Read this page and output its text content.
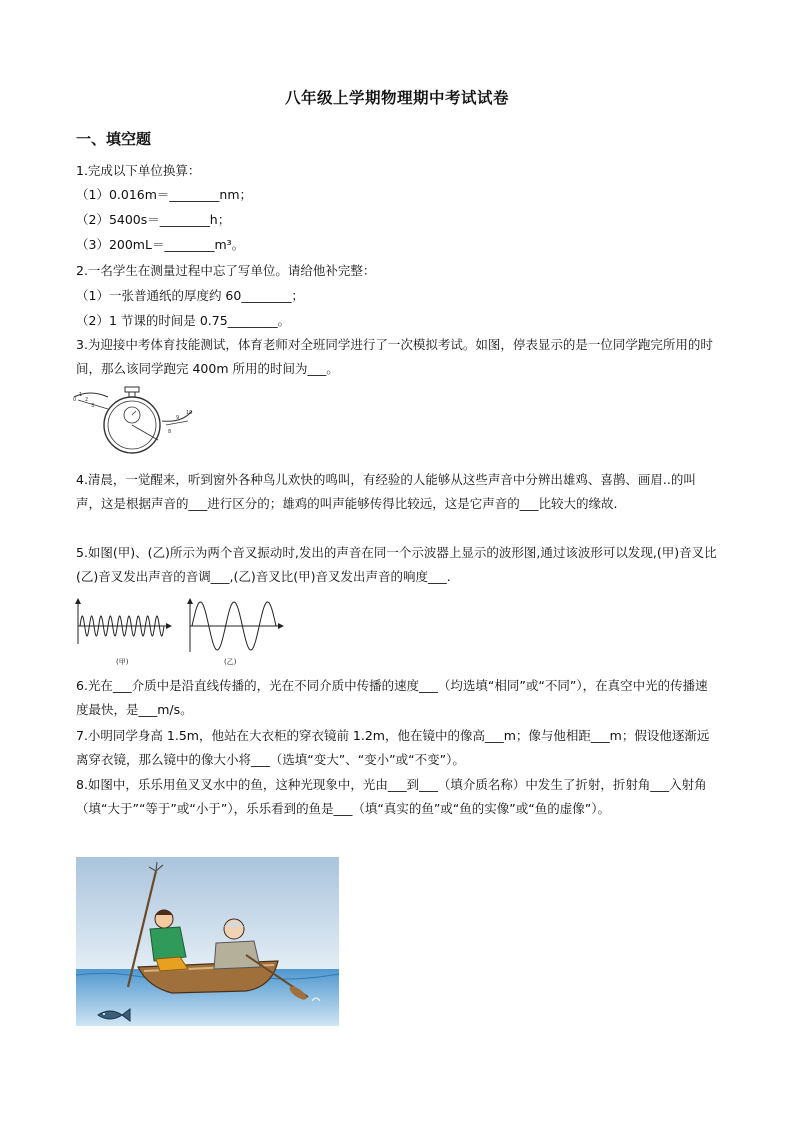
八年级上学期物理期中考试试卷
一、填空题
1.完成以下单位换算：
（1）0.016m＝________nm；
（2）5400s＝________h；
（3）200mL＝________m³。
2.一名学生在测量过程中忘了写单位。请给他补完整：
（1）一张普通纸的厚度约 60________；
（2）1 节课的时间是 0.75________。
3.为迎接中考体育技能测试，体育老师对全班同学进行了一次模拟考试。如图，停表显示的是一位同学跑完所用的时间，那么该同学跑完 400m 所用的时间为___。
0
1
2
3
9
10
8
4.清晨，一觉醒来，听到窗外各种鸟儿欢快的鸣叫，有经验的人能够从这些声音中分辨出雄鸡、喜鹊、画眉..的叫声，这是根据声音的___进行区分的；雄鸡的叫声能够传得比较远，这是它声音的___比较大的缘故.
5.如图(甲)、(乙)所示为两个音叉振动时,发出的声音在同一个示波器上显示的波形图,通过该波形可以发现,(甲)音叉比(乙)音叉发出声音的音调___,(乙)音叉比(甲)音叉发出声音的响度___.
(甲)	(乙)
6.光在___介质中是沿直线传播的，光在不同介质中传播的速度___（均选填“相同”或“不同”），在真空中光的传播速度最快，是___m/s。
7.小明同学身高 1.5m，他站在大衣柜的穿衣镜前 1.2m，他在镜中的像高___m；像与他相距___m；假设他逐渐远离穿衣镜，那么镜中的像大小将___（选填“变大”、“变小”或“不变”）。
8.如图中，乐乐用鱼叉叉水中的鱼，这种光现象中，光由___到___（填介质名称）中发生了折射，折射角___入射角（填“大于”“等于”或“小于”），乐乐看到的鱼是___（填“真实的鱼”或“鱼的实像”或“鱼的虚像”）。
